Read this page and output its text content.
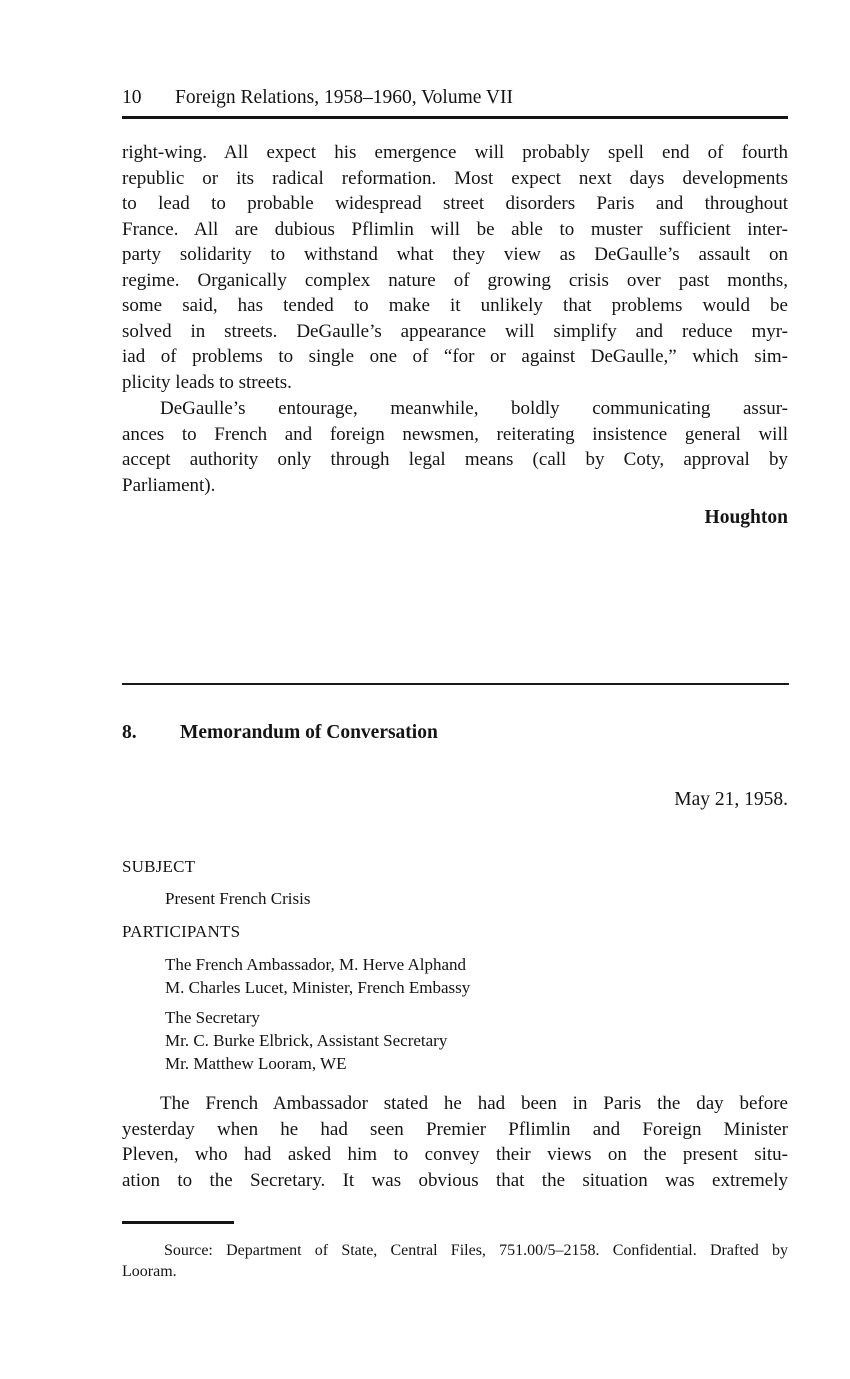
10	Foreign Relations, 1958–1960, Volume VII
right-wing. All expect his emergence will probably spell end of fourth
republic or its radical reformation. Most expect next days developments
to lead to probable widespread street disorders Paris and throughout
France. All are dubious Pflimlin will be able to muster sufficient inter-
party solidarity to withstand what they view as DeGaulle’s assault on
regime. Organically complex nature of growing crisis over past months,
some said, has tended to make it unlikely that problems would be
solved in streets. DeGaulle’s appearance will simplify and reduce myr-
iad of problems to single one of “for or against DeGaulle,” which sim-
plicity leads to streets.
DeGaulle’s entourage, meanwhile, boldly communicating assur-
ances to French and foreign newsmen, reiterating insistence general will
accept authority only through legal means (call by Coty, approval by
Parliament).
Houghton
8.	Memorandum of Conversation
May 21, 1958.
SUBJECT
Present French Crisis
PARTICIPANTS
The French Ambassador, M. Herve Alphand
M. Charles Lucet, Minister, French Embassy
The Secretary
Mr. C. Burke Elbrick, Assistant Secretary
Mr. Matthew Looram, WE
The French Ambassador stated he had been in Paris the day before
yesterday when he had seen Premier Pflimlin and Foreign Minister
Pleven, who had asked him to convey their views on the present situ-
ation to the Secretary. It was obvious that the situation was extremely
Source: Department of State, Central Files, 751.00/5–2158. Confidential. Drafted by
Looram.
